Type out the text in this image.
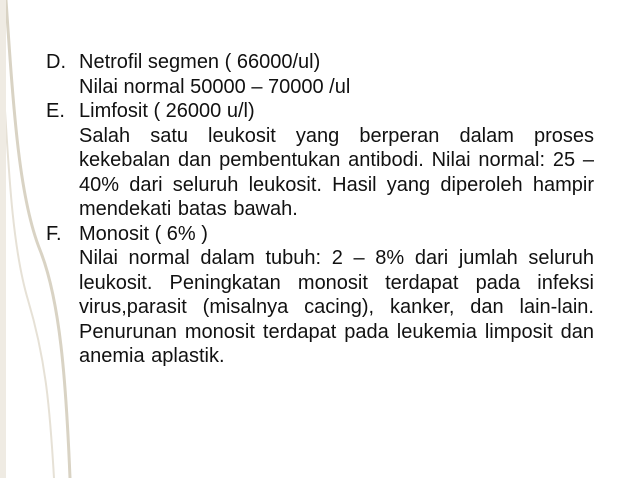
D. Netrofil segmen ( 66000/ul)

Nilai normal 50000 – 70000 /ul

E. Limfosit ( 26000 u/l)

Salah satu leukosit yang berperan dalam proses kekebalan dan pembentukan antibodi. Nilai normal: 25 – 40% dari seluruh leukosit. Hasil yang diperoleh hampir mendekati batas bawah.

F. Monosit ( 6% )

Nilai normal dalam tubuh: 2 – 8% dari jumlah seluruh leukosit. Peningkatan monosit terdapat pada infeksi virus,parasit (misalnya cacing), kanker, dan lain-lain. Penurunan monosit terdapat pada leukemia limposit dan anemia aplastik.
